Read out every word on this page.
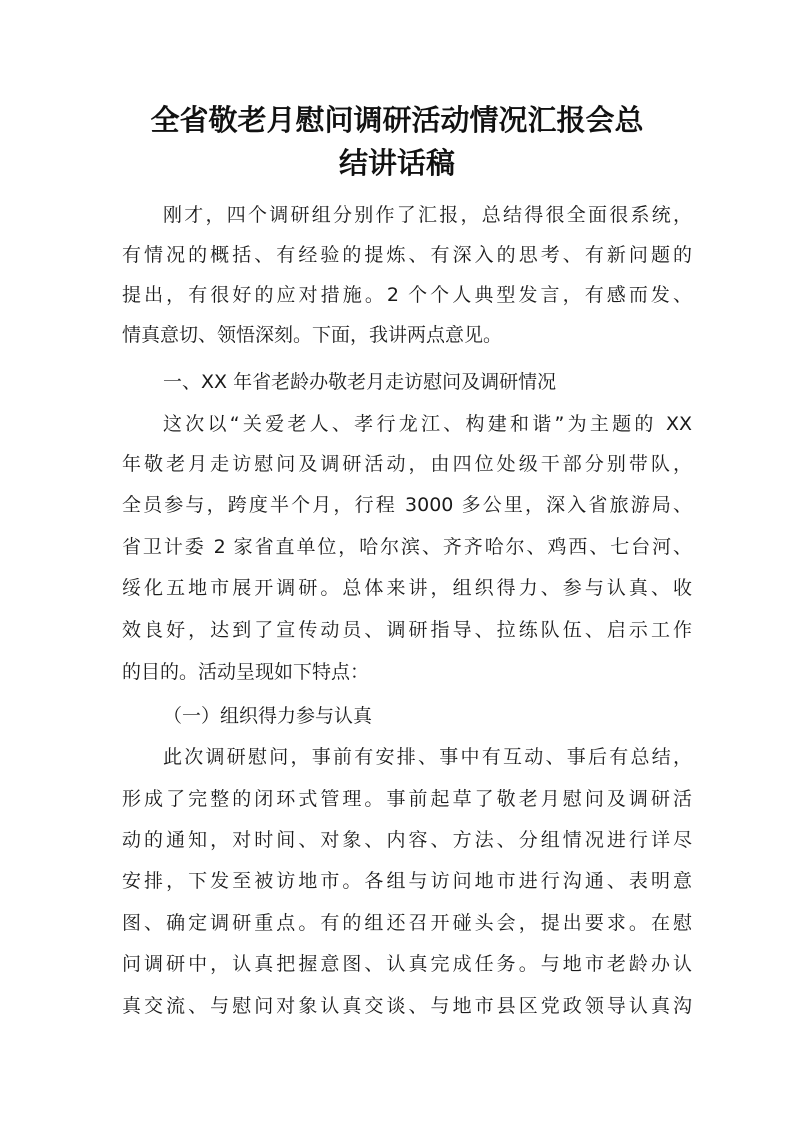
全省敬老月慰问调研活动情况汇报会总
结讲话稿

刚才，四个调研组分别作了汇报，总结得很全面很系统，

有情况的概括、有经验的提炼、有深入的思考、有新问题的

提出，有很好的应对措施。2 个个人典型发言，有感而发、

情真意切、领悟深刻。下面，我讲两点意见。

一、XX 年省老龄办敬老月走访慰问及调研情况

这次以“关爱老人、孝行龙江、构建和谐”为主题的 XX

年敬老月走访慰问及调研活动，由四位处级干部分别带队，

全员参与，跨度半个月，行程 3000 多公里，深入省旅游局、

省卫计委 2 家省直单位，哈尔滨、齐齐哈尔、鸡西、七台河、

绥化五地市展开调研。总体来讲，组织得力、参与认真、收

效良好，达到了宣传动员、调研指导、拉练队伍、启示工作

的目的。活动呈现如下特点：

（一）组织得力参与认真

此次调研慰问，事前有安排、事中有互动、事后有总结，

形成了完整的闭环式管理。事前起草了敬老月慰问及调研活

动的通知，对时间、对象、内容、方法、分组情况进行详尽

安排，下发至被访地市。各组与访问地市进行沟通、表明意

图、确定调研重点。有的组还召开碰头会，提出要求。在慰

问调研中，认真把握意图、认真完成任务。与地市老龄办认

真交流、与慰问对象认真交谈、与地市县区党政领导认真沟
